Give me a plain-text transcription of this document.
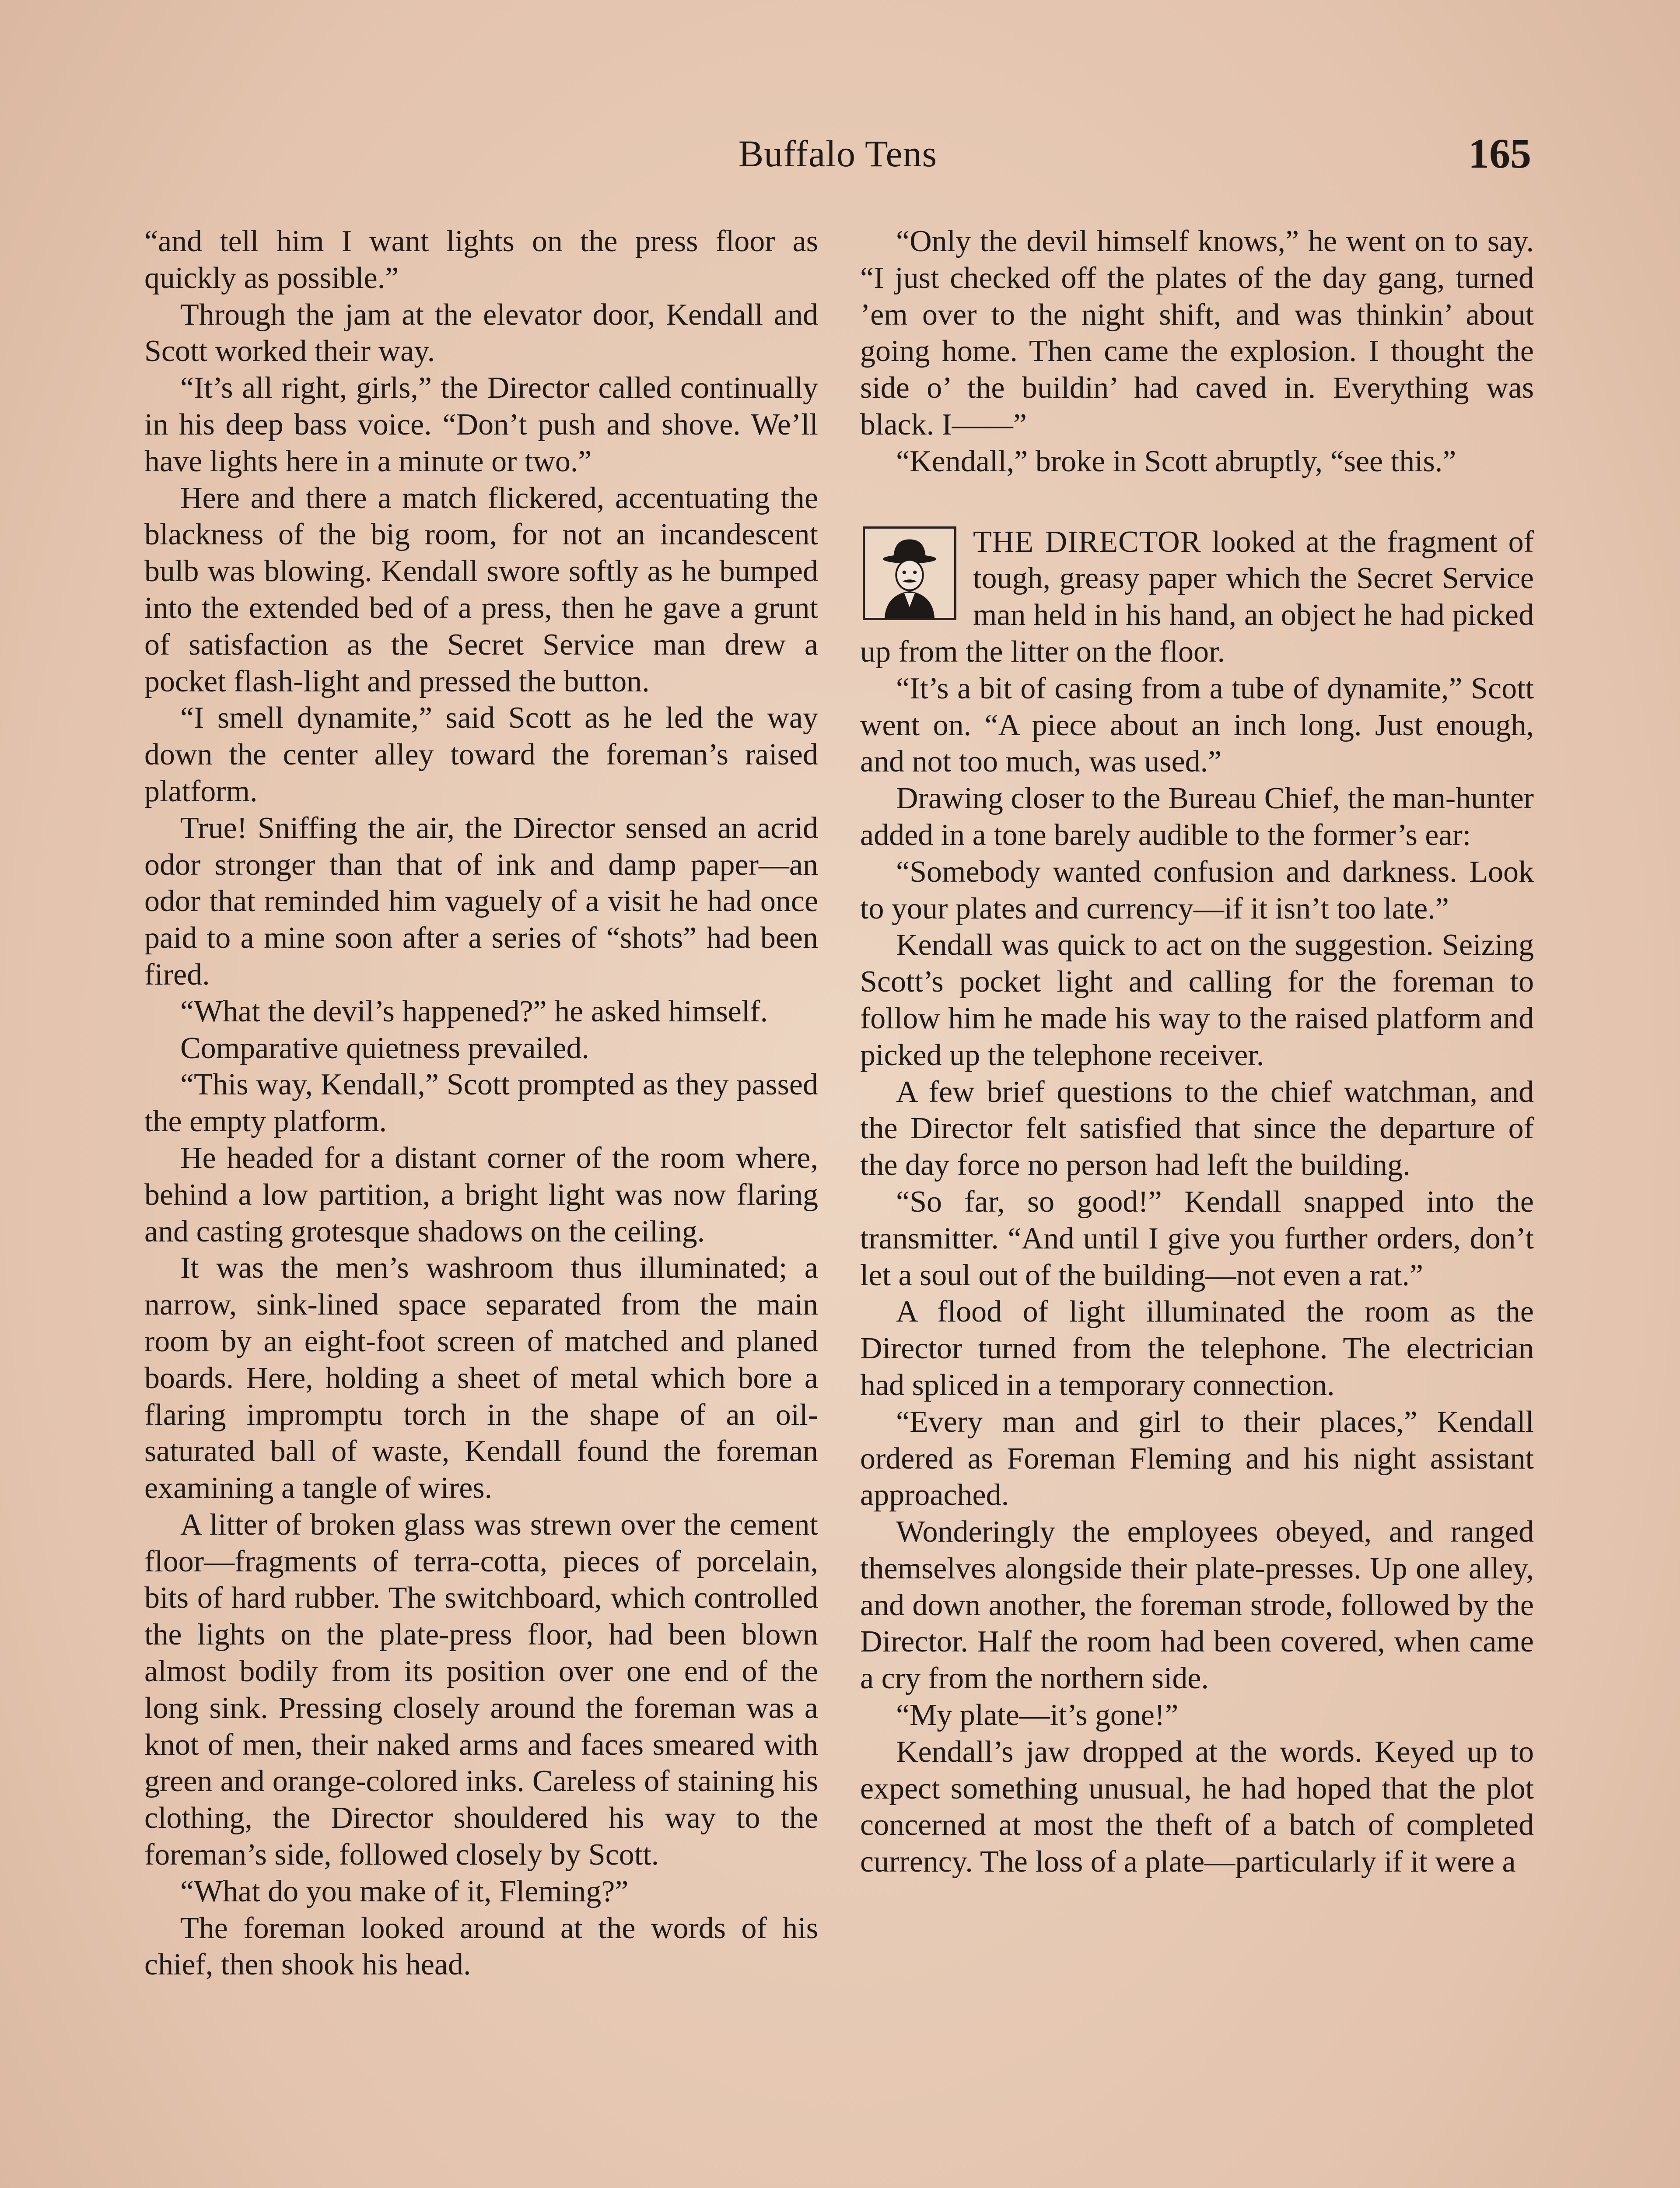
Buffalo Tens	165

“and tell him I want lights on the press floor as quickly as possible.”

Through the jam at the elevator door, Kendall and Scott worked their way.

“It’s all right, girls,” the Director called continually in his deep bass voice. “Don’t push and shove. We’ll have lights here in a minute or two.”

Here and there a match flickered, accentuating the blackness of the big room, for not an incandescent bulb was blowing. Kendall swore softly as he bumped into the extended bed of a press, then he gave a grunt of satisfaction as the Secret Service man drew a pocket flash-light and pressed the button.

“I smell dynamite,” said Scott as he led the way down the center alley toward the foreman’s raised platform.

True! Sniffing the air, the Director sensed an acrid odor stronger than that of ink and damp paper—an odor that reminded him vaguely of a visit he had once paid to a mine soon after a series of “shots” had been fired.

“What the devil’s happened?” he asked himself.

Comparative quietness prevailed.

“This way, Kendall,” Scott prompted as they passed the empty platform.

He headed for a distant corner of the room where, behind a low partition, a bright light was now flaring and casting grotesque shadows on the ceiling.

It was the men’s washroom thus illuminated; a narrow, sink-lined space separated from the main room by an eight-foot screen of matched and planed boards. Here, holding a sheet of metal which bore a flaring impromptu torch in the shape of an oil-saturated ball of waste, Kendall found the foreman examining a tangle of wires.

A litter of broken glass was strewn over the cement floor—fragments of terra-cotta, pieces of porcelain, bits of hard rubber. The switchboard, which controlled the lights on the plate-press floor, had been blown almost bodily from its position over one end of the long sink. Pressing closely around the foreman was a knot of men, their naked arms and faces smeared with green and orange-colored inks. Careless of staining his clothing, the Director shouldered his way to the foreman’s side, followed closely by Scott.

“What do you make of it, Fleming?”

The foreman looked around at the words of his chief, then shook his head.

“Only the devil himself knows,” he went on to say. “I just checked off the plates of the day gang, turned ’em over to the night shift, and was thinkin’ about going home. Then came the explosion. I thought the side o’ the buildin’ had caved in. Everything was black. I——”

“Kendall,” broke in Scott abruptly, “see this.”

THE DIRECTOR looked at the fragment of tough, greasy paper which the Secret Service man held in his hand, an object he had picked up from the litter on the floor.

“It’s a bit of casing from a tube of dynamite,” Scott went on. “A piece about an inch long. Just enough, and not too much, was used.”

Drawing closer to the Bureau Chief, the man-hunter added in a tone barely audible to the former’s ear:

“Somebody wanted confusion and darkness. Look to your plates and currency—if it isn’t too late.”

Kendall was quick to act on the suggestion. Seizing Scott’s pocket light and calling for the foreman to follow him he made his way to the raised platform and picked up the telephone receiver.

A few brief questions to the chief watchman, and the Director felt satisfied that since the departure of the day force no person had left the building.

“So far, so good!” Kendall snapped into the transmitter. “And until I give you further orders, don’t let a soul out of the building—not even a rat.”

A flood of light illuminated the room as the Director turned from the telephone. The electrician had spliced in a temporary connection.

“Every man and girl to their places,” Kendall ordered as Foreman Fleming and his night assistant approached.

Wonderingly the employees obeyed, and ranged themselves alongside their plate-presses. Up one alley, and down another, the foreman strode, followed by the Director. Half the room had been covered, when came a cry from the northern side.

“My plate—it’s gone!”

Kendall’s jaw dropped at the words. Keyed up to expect something unusual, he had hoped that the plot concerned at most the theft of a batch of completed currency. The loss of a plate—particularly if it were a
